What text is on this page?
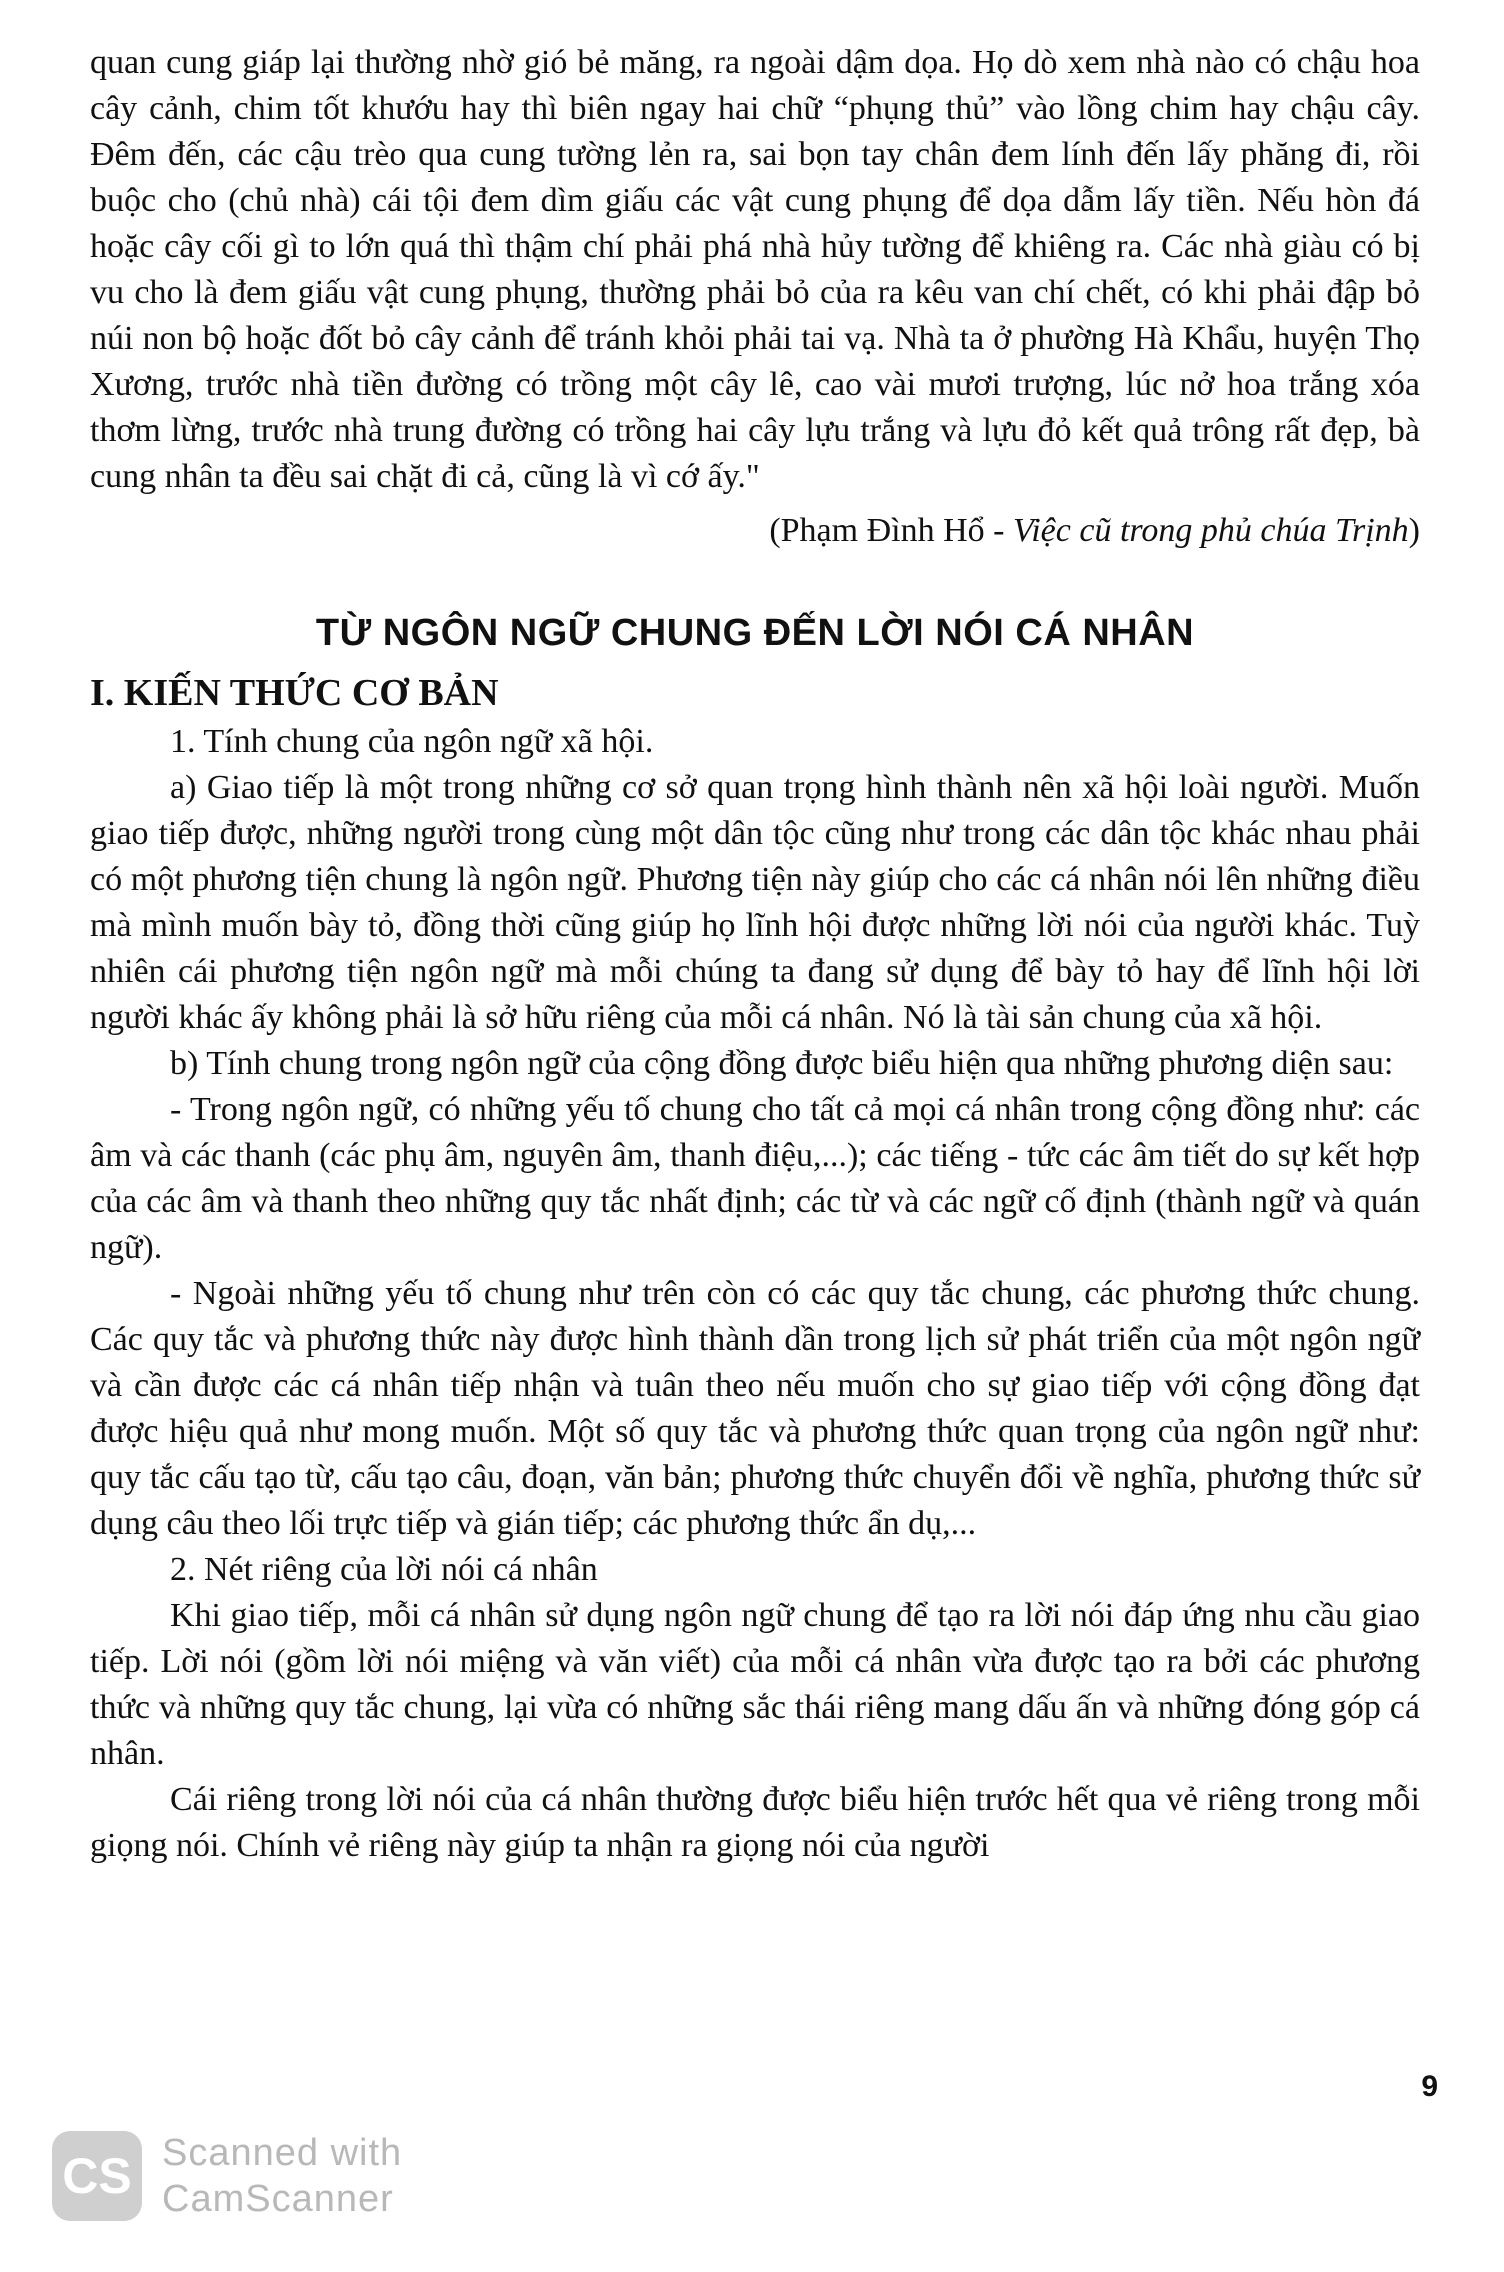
quan cung giáp lại thường nhờ gió bẻ măng, ra ngoài dậm dọa. Họ dò xem nhà nào có chậu hoa cây cảnh, chim tốt khướu hay thì biên ngay hai chữ “phụng thủ” vào lồng chim hay chậu cây. Đêm đến, các cậu trèo qua cung tường lẻn ra, sai bọn tay chân đem lính đến lấy phăng đi, rồi buộc cho (chủ nhà) cái tội đem dìm giấu các vật cung phụng để dọa dẫm lấy tiền. Nếu hòn đá hoặc cây cối gì to lớn quá thì thậm chí phải phá nhà hủy tường để khiêng ra. Các nhà giàu có bị vu cho là đem giấu vật cung phụng, thường phải bỏ của ra kêu van chí chết, có khi phải đập bỏ núi non bộ hoặc đốt bỏ cây cảnh để tránh khỏi phải tai vạ. Nhà ta ở phường Hà Khẩu, huyện Thọ Xương, trước nhà tiền đường có trồng một cây lê, cao vài mươi trượng, lúc nở hoa trắng xóa thơm lừng, trước nhà trung đường có trồng hai cây lựu trắng và lựu đỏ kết quả trông rất đẹp, bà cung nhân ta đều sai chặt đi cả, cũng là vì cớ ấy."

(Phạm Đình Hổ - Việc cũ trong phủ chúa Trịnh)
TỪ NGÔN NGỮ CHUNG ĐẾN LỜI NÓI CÁ NHÂN
I. KIẾN THỨC CƠ BẢN

1. Tính chung của ngôn ngữ xã hội.

a) Giao tiếp là một trong những cơ sở quan trọng hình thành nên xã hội loài người. Muốn giao tiếp được, những người trong cùng một dân tộc cũng như trong các dân tộc khác nhau phải có một phương tiện chung là ngôn ngữ. Phương tiện này giúp cho các cá nhân nói lên những điều mà mình muốn bày tỏ, đồng thời cũng giúp họ lĩnh hội được những lời nói của người khác. Tuỳ nhiên cái phương tiện ngôn ngữ mà mỗi chúng ta đang sử dụng để bày tỏ hay để lĩnh hội lời người khác ấy không phải là sở hữu riêng của mỗi cá nhân. Nó là tài sản chung của xã hội.

b) Tính chung trong ngôn ngữ của cộng đồng được biểu hiện qua những phương diện sau:

- Trong ngôn ngữ, có những yếu tố chung cho tất cả mọi cá nhân trong cộng đồng như: các âm và các thanh (các phụ âm, nguyên âm, thanh điệu,...); các tiếng - tức các âm tiết do sự kết hợp của các âm và thanh theo những quy tắc nhất định; các từ và các ngữ cố định (thành ngữ và quán ngữ).

- Ngoài những yếu tố chung như trên còn có các quy tắc chung, các phương thức chung. Các quy tắc và phương thức này được hình thành dần trong lịch sử phát triển của một ngôn ngữ và cần được các cá nhân tiếp nhận và tuân theo nếu muốn cho sự giao tiếp với cộng đồng đạt được hiệu quả như mong muốn. Một số quy tắc và phương thức quan trọng của ngôn ngữ như: quy tắc cấu tạo từ, cấu tạo câu, đoạn, văn bản; phương thức chuyển đổi về nghĩa, phương thức sử dụng câu theo lối trực tiếp và gián tiếp; các phương thức ẩn dụ,...

2. Nét riêng của lời nói cá nhân

Khi giao tiếp, mỗi cá nhân sử dụng ngôn ngữ chung để tạo ra lời nói đáp ứng nhu cầu giao tiếp. Lời nói (gồm lời nói miệng và văn viết) của mỗi cá nhân vừa được tạo ra bởi các phương thức và những quy tắc chung, lại vừa có những sắc thái riêng mang dấu ấn và những đóng góp cá nhân.

Cái riêng trong lời nói của cá nhân thường được biểu hiện trước hết qua vẻ riêng trong mỗi giọng nói. Chính vẻ riêng này giúp ta nhận ra giọng nói của người

9
CS Scanned with
CamScanner
